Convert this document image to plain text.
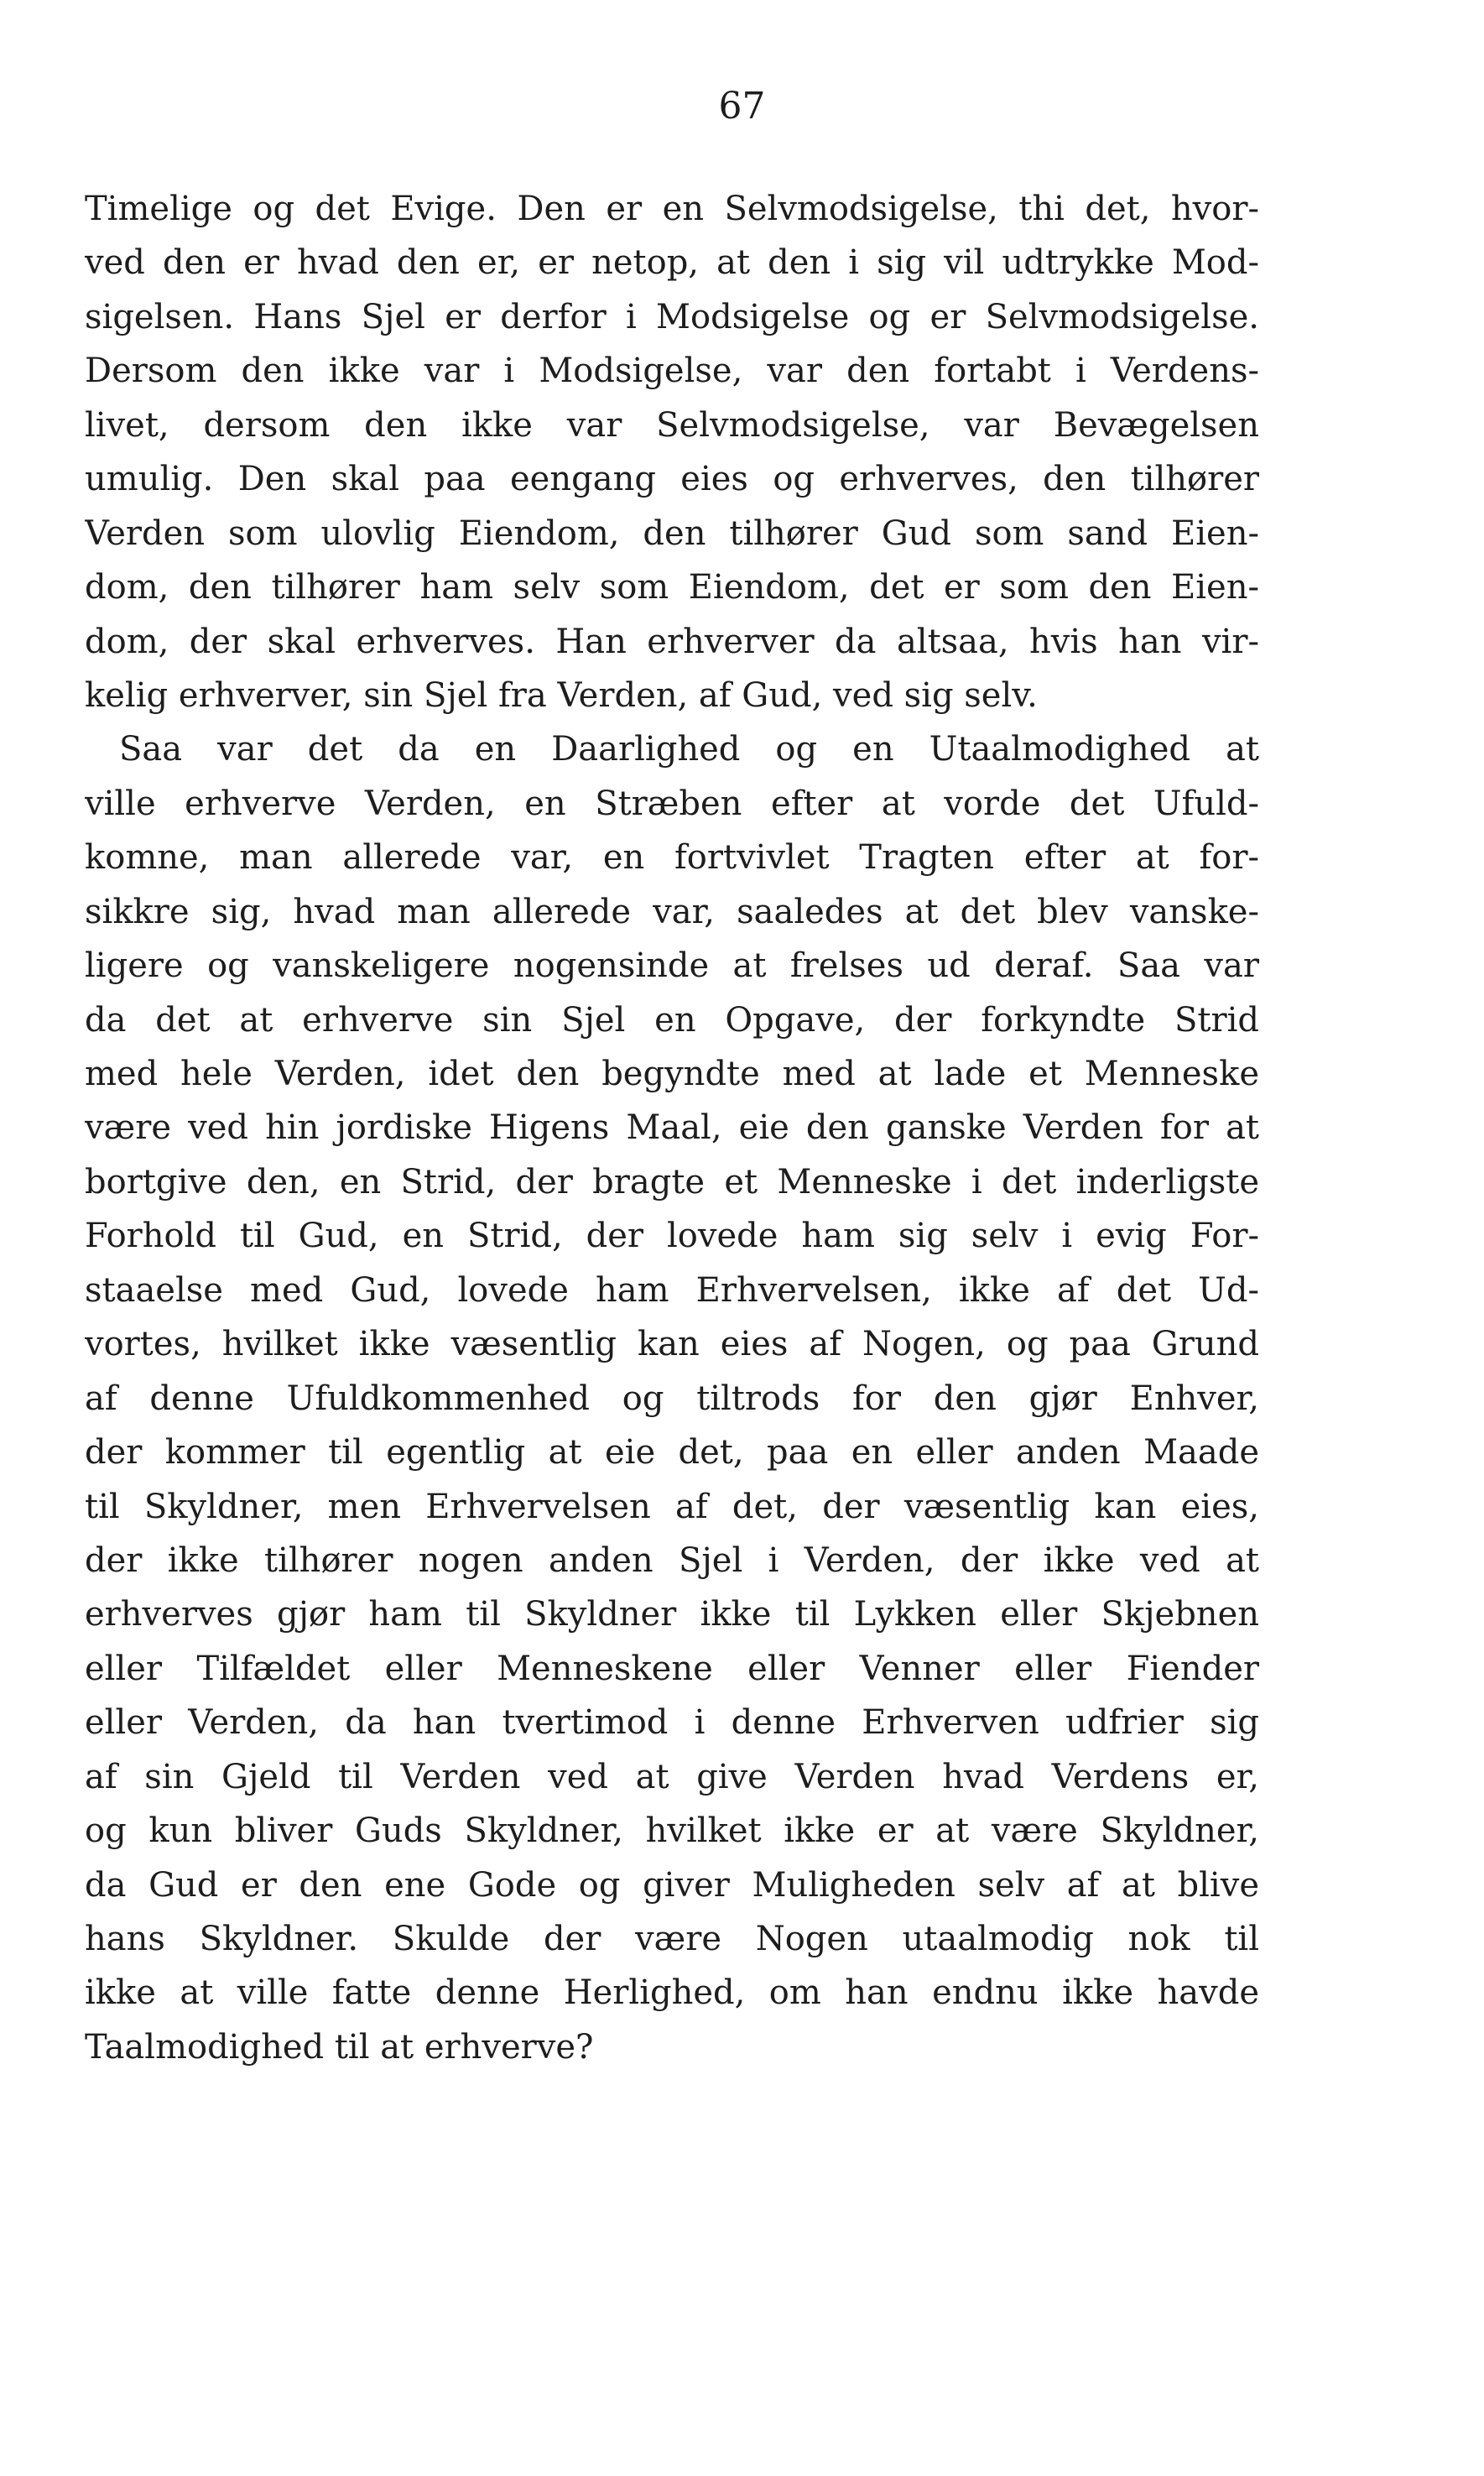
67
Timelige og det Evige. Den er en Selvmodsigelse, thi det, hvor-
ved den er hvad den er, er netop, at den i sig vil udtrykke Mod-
sigelsen. Hans Sjel er derfor i Modsigelse og er Selvmodsigelse.
Dersom den ikke var i Modsigelse, var den fortabt i Verdens-
livet, dersom den ikke var Selvmodsigelse, var Bevægelsen
umulig. Den skal paa eengang eies og erhverves, den tilhører
Verden som ulovlig Eiendom, den tilhører Gud som sand Eien-
dom, den tilhører ham selv som Eiendom, det er som den Eien-
dom, der skal erhverves. Han erhverver da altsaa, hvis han vir-
kelig erhverver, sin Sjel fra Verden, af Gud, ved sig selv.
Saa var det da en Daarlighed og en Utaalmodighed at
ville erhverve Verden, en Stræben efter at vorde det Ufuld-
komne, man allerede var, en fortvivlet Tragten efter at for-
sikkre sig, hvad man allerede var, saaledes at det blev vanske-
ligere og vanskeligere nogensinde at frelses ud deraf. Saa var
da det at erhverve sin Sjel en Opgave, der forkyndte Strid
med hele Verden, idet den begyndte med at lade et Menneske
være ved hin jordiske Higens Maal, eie den ganske Verden for at
bortgive den, en Strid, der bragte et Menneske i det inderligste
Forhold til Gud, en Strid, der lovede ham sig selv i evig For-
staaelse med Gud, lovede ham Erhvervelsen, ikke af det Ud-
vortes, hvilket ikke væsentlig kan eies af Nogen, og paa Grund
af denne Ufuldkommenhed og tiltrods for den gjør Enhver,
der kommer til egentlig at eie det, paa en eller anden Maade
til Skyldner, men Erhvervelsen af det, der væsentlig kan eies,
der ikke tilhører nogen anden Sjel i Verden, der ikke ved at
erhverves gjør ham til Skyldner ikke til Lykken eller Skjebnen
eller Tilfældet eller Menneskene eller Venner eller Fiender
eller Verden, da han tvertimod i denne Erhverven udfrier sig
af sin Gjeld til Verden ved at give Verden hvad Verdens er,
og kun bliver Guds Skyldner, hvilket ikke er at være Skyldner,
da Gud er den ene Gode og giver Muligheden selv af at blive
hans Skyldner. Skulde der være Nogen utaalmodig nok til
ikke at ville fatte denne Herlighed, om han endnu ikke havde
Taalmodighed til at erhverve?
